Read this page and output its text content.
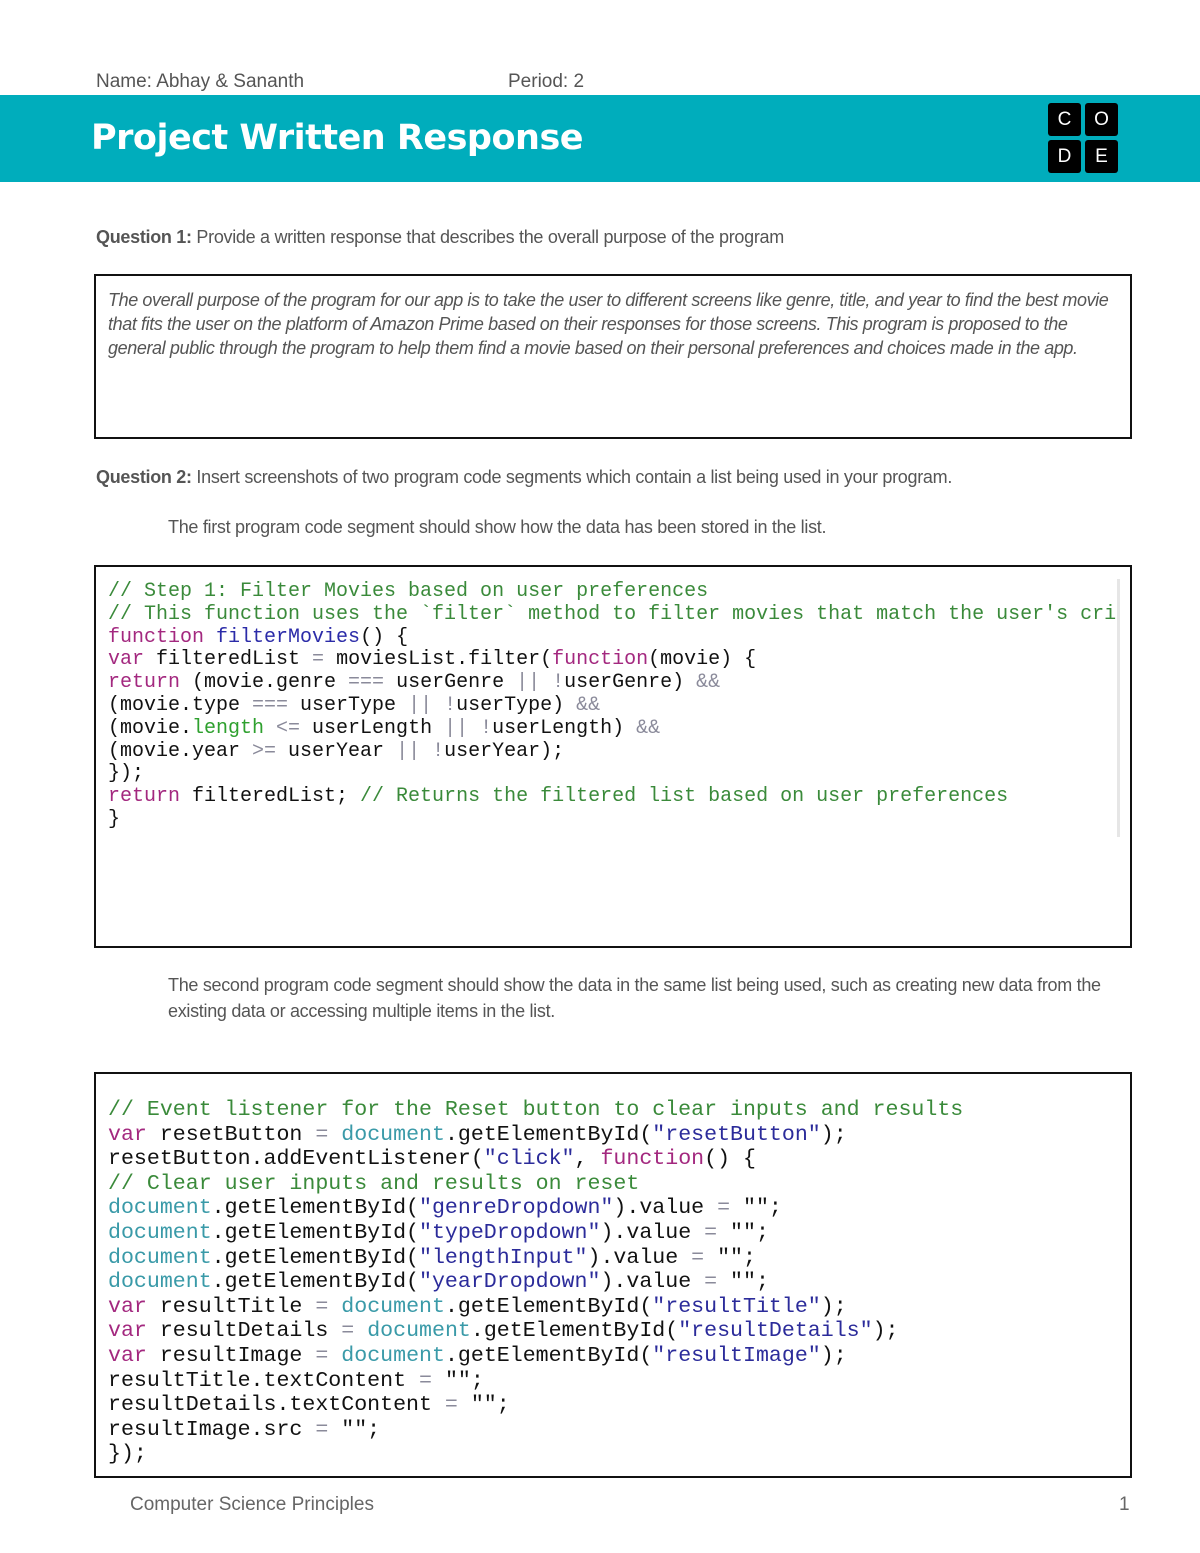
Name: Abhay & Sananth	Period: 2
Project Written Response	C	O
D	E
Question 1: Provide a written response that describes the overall purpose of the program
The overall purpose of the program for our app is to take the user to different screens like genre, title, and year to find the best movie that fits the user on the platform of Amazon Prime based on their responses for those screens. This program is proposed to the general public through the program to help them find a movie based on their personal preferences and choices made in the app.
Question 2: Insert screenshots of two program code segments which contain a list being used in your program.
The first program code segment should show how the data has been stored in the list.
// Step 1: Filter Movies based on user preferences
// This function uses the `filter` method to filter movies that match the user's cri
function filterMovies() {
var filteredList = moviesList.filter(function(movie) {
return (movie.genre === userGenre || !userGenre) &&
(movie.type === userType || !userType) &&
(movie.length <= userLength || !userLength) &&
(movie.year >= userYear || !userYear);
});
return filteredList; // Returns the filtered list based on user preferences
}
The second program code segment should show the data in the same list being used, such as creating new data from the existing data or accessing multiple items in the list.
// Event listener for the Reset button to clear inputs and results
var resetButton = document.getElementById("resetButton");
resetButton.addEventListener("click", function() {
// Clear user inputs and results on reset
document.getElementById("genreDropdown").value = "";
document.getElementById("typeDropdown").value = "";
document.getElementById("lengthInput").value = "";
document.getElementById("yearDropdown").value = "";
var resultTitle = document.getElementById("resultTitle");
var resultDetails = document.getElementById("resultDetails");
var resultImage = document.getElementById("resultImage");
resultTitle.textContent = "";
resultDetails.textContent = "";
resultImage.src = "";
});
Computer Science Principles	1
